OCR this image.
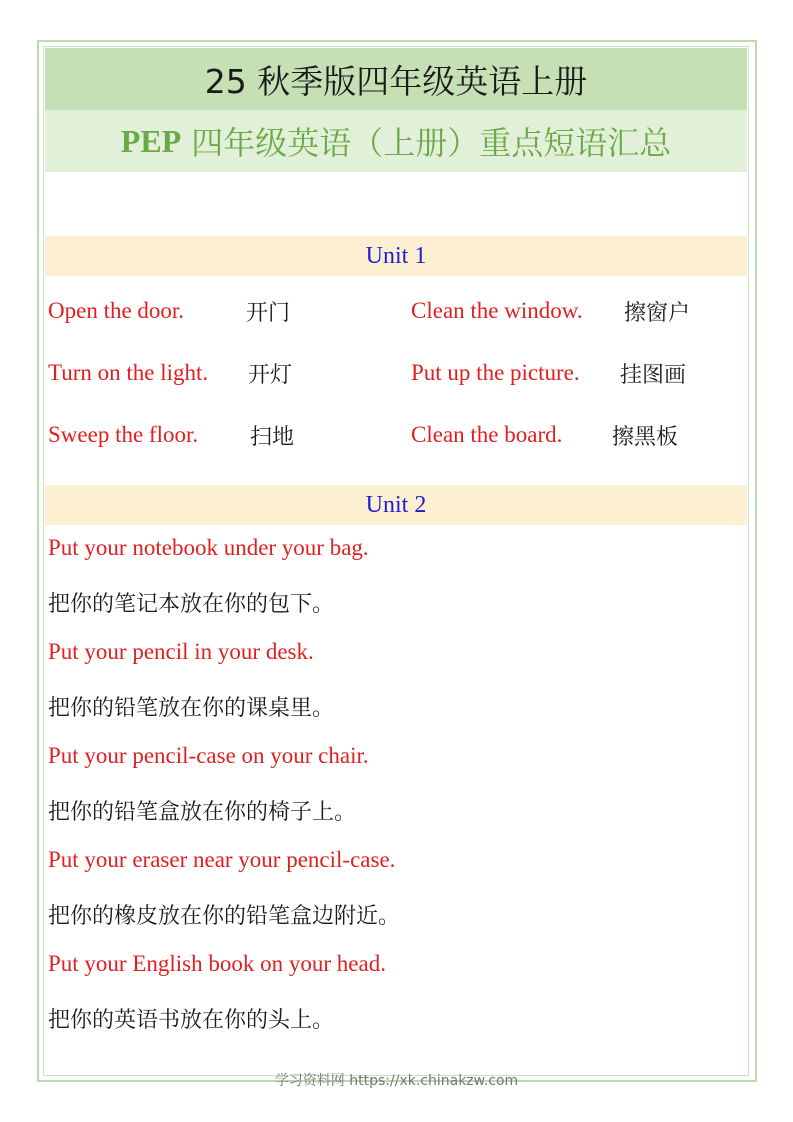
25 秋季版四年级英语上册
PEP 四年级英语（上册）重点短语汇总
Unit 1
Open the door.	开门	Clean the window. 擦窗户
Turn on the light. 开灯	Put up the picture. 挂图画
Sweep the floor. 扫地	Clean the board. 擦黑板
Unit 2
Put your notebook under your bag.
把你的笔记本放在你的包下。
Put your pencil in your desk.
把你的铅笔放在你的课桌里。
Put your pencil-case on your chair.
把你的铅笔盒放在你的椅子上。
Put your eraser near your pencil-case.
把你的橡皮放在你的铅笔盒边附近。
Put your English book on your head.
把你的英语书放在你的头上。
学习资料网 https://xk.chinakzw.com
